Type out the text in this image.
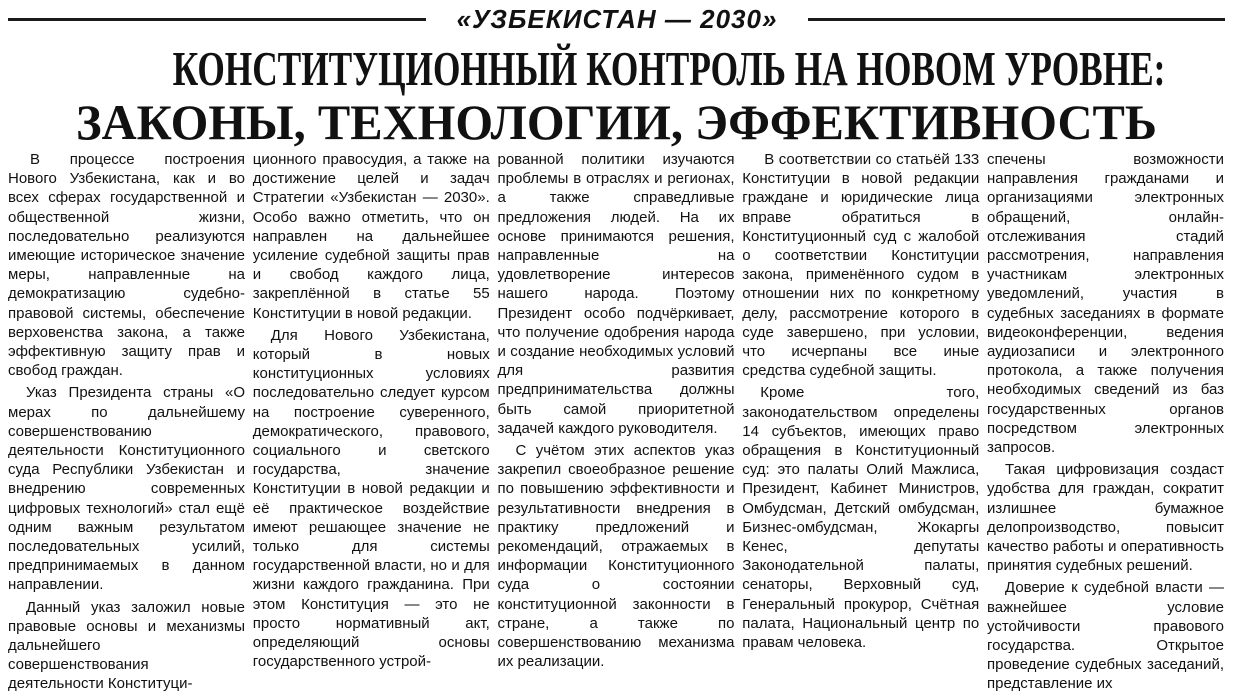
«УЗБЕКИСТАН — 2030»
КОНСТИТУЦИОННЫЙ КОНТРОЛЬ НА НОВОМ УРОВНЕ:
ЗАКОНЫ, ТЕХНОЛОГИИ, ЭФФЕКТИВНОСТЬ

В процессе построения Нового Узбекистана, как и во всех сферах государственной и общественной жизни, последовательно реализуются имеющие историческое значение меры, направленные на демократизацию судебно-правовой системы, обеспечение верховенства закона, а также эффективную защиту прав и свобод граждан.

Указ Президента страны «О мерах по дальнейшему совершенствованию деятельности Конституционного суда Республики Узбекистан и внедрению современных цифровых технологий» стал ещё одним важным результатом последовательных усилий, предпринимаемых в данном направлении.

Данный указ заложил новые правовые основы и механизмы дальнейшего совершенствования деятельности Конституци-

ционного правосудия, а также на достижение целей и задач Стратегии «Узбекистан — 2030». Особо важно отметить, что он направлен на дальнейшее усиление судебной защиты прав и свобод каждого лица, закреплённой в статье 55 Конституции в новой редакции.

Для Нового Узбекистана, который в новых конституционных условиях последовательно следует курсом на построение суверенного, демократического, правового, социального и светского государства, значение Конституции в новой редакции и её практическое воздействие имеют решающее значение не только для системы государственной власти, но и для жизни каждого гражданина. При этом Конституция — это не просто нормативный акт, определяющий основы государственного устрой-

рованной политики изучаются проблемы в отраслях и регионах, а также справедливые предложения людей. На их основе принимаются решения, направленные на удовлетворение интересов нашего народа. Поэтому Президент особо подчёркивает, что получение одобрения народа и создание необходимых условий для развития предпринимательства должны быть самой приоритетной задачей каждого руководителя.

С учётом этих аспектов указ закрепил своеобразное решение по повышению эффективности и результативности внедрения в практику предложений и рекомендаций, отражаемых в информации Конституционного суда о состоянии конституционной законности в стране, а также по совершенствованию механизма их реализации.

В соответствии со статьёй 133 Конституции в новой редакции граждане и юридические лица вправе обратиться в Конституционный суд с жалобой о соответствии Конституции закона, применённого судом в отношении них по конкретному делу, рассмотрение которого в суде завершено, при условии, что исчерпаны все иные средства судебной защиты.

Кроме того, законодательством определены 14 субъектов, имеющих право обращения в Конституционный суд: это палаты Олий Мажлиса, Президент, Кабинет Министров, Омбудсман, Детский омбудсман, Бизнес-омбудсман, Жокаргы Кенес, депутаты Законодательной палаты, сенаторы, Верховный суд, Генеральный прокурор, Счётная палата, Национальный центр по правам человека.

спечены возможности направления гражданами и организациями электронных обращений, онлайн-отслеживания стадий рассмотрения, направления участникам электронных уведомлений, участия в судебных заседаниях в формате видеоконференции, ведения аудиозаписи и электронного протокола, а также получения необходимых сведений из баз государственных органов посредством электронных запросов.

Такая цифровизация создаст удобства для граждан, сократит излишнее бумажное делопроизводство, повысит качество работы и оперативность принятия судебных решений.

Доверие к судебной власти — важнейшее условие устойчивости правового государства. Открытое проведение судебных заседаний, представление их
